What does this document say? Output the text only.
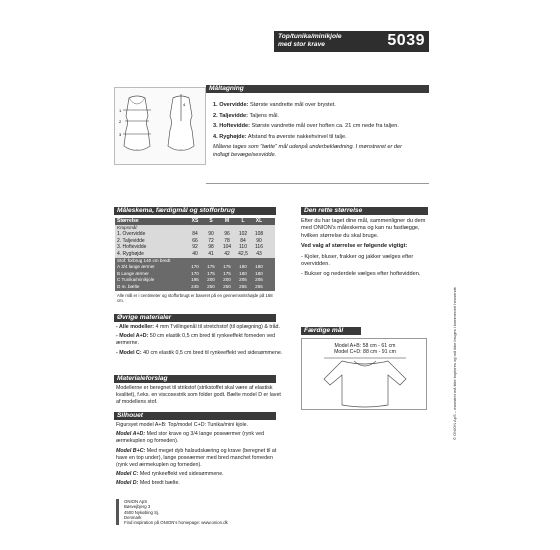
Top/tunika/minikjole
med stor krave	5039
Måltagning
1
2
3
4	1. Overvidde: Største vandrette mål over brystet.

2. Taljevidde: Taljens mål.

3. Hoftevidde: Største vandrette mål over hoften ca. 21 cm nede fra taljen.

4. Ryghøjde: Afstand fra øverste nakkehvirvel til talje.

Målene tages som "tætte" mål udenpå underbeklædning. I mønstreret er der indlagt bevægelsesvidde.

Måleskema, færdigmål og stofforbrug
Størrelse	XS	S	M	L	XL
Kropsmål:
1. Overvidde	84	90	96	102	108
2. Taljevidde	66	72	78	84	90
3. Hoftevidde	92	98	104	110	116
4. Ryghøjde	40	41	42	42,5	43
Stof: forbrug 140 cm bredt
A 3/4 lange ærmer	170	175	175	180	180
B Lange ærmer	170	175	175	180	180
C Tunika/minikjole	195	200	200	205	205
D m. bælte	245	250	250	255	255
Alle mål er i centimeter og stofforbrugt er baseret på en gennemsnitshøjde på 168 cm.
Den rette størrelse

Efter du har taget dine mål, sammenligner du dem med ONION's måleskema og kan nu fastlægge, hvilken størrelse du skal bruge.

Ved valg af størrelse er følgende vigtigt:

- Kjoler, bluser, frakker og jakker vælges efter overvidden.

- Bukser og nederdele vælges efter hoftevidden.

Færdige mål
Model A+B: 58 cm - 61 cm
Model C+D: 88 cm - 91 cm
Øvrige materialer

- Alle modeller: 4 mm Tvillingenål til stretchstof (til oplægning) & tråd.

- Model A+D: 50 cm elastik 0,5 cm bred til rynkeeffekt forneden ved ærmerne.

- Model C: 40 cm elastik 0,5 cm bred til rynkeeffekt ved sidesømmene.

Materialeforslag

Modellerne er beregnet til strikstof (strikstoffet skal være af elastisk kvalitet), f.eks. en viscosestrik som folder godt. Bælte model D er lavet af modellens stof.

Silhouet

Figursyet model A+B: Top/model C+D: Tunika/mini kjole.

Model A+D: Med stor krave og 3/4 lange poseærmer (rynk ved ærmekuplen og forneden).

Model B+C: Med meget dyb halsudskæring og krave (beregnet til at have en top under), lange poseærmer med bred manchet forneden (rynk ved ærmekuplen og forneden).

Model C: Med rynkeeffekt ved sidesømmene.

Model D: Med bredt bælte.

ONION ApS
Bøsvejbjerg 3
4500 Nykøbing Sj.
Denmark
Find inspiration på ONION's homepage: www.onion.dk
© ONION ApS – mønstret må ikke kopieres og må ikke bruges i kommerciel hensende
